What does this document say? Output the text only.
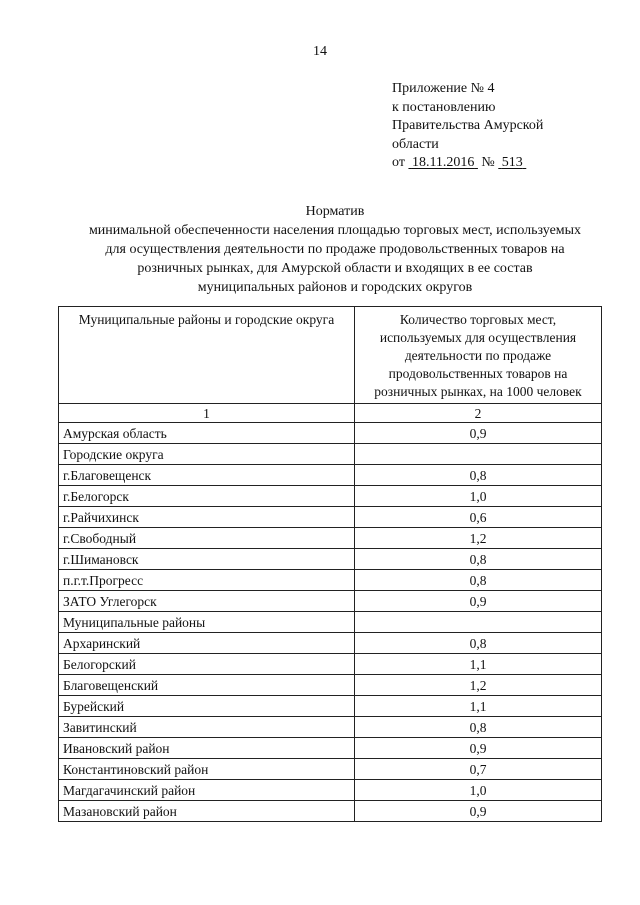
14
Приложение № 4
к постановлению
Правительства Амурской
области
от 18.11.2016 № 513
Норматив
минимальной обеспеченности населения площадью торговых мест, используемых
для осуществления деятельности по продаже продовольственных товаров на
розничных рынках, для Амурской области и входящих в ее состав
муниципальных районов и городских округов
Муниципальные районы и городские округа	Количество торговых мест, используемых для осуществления деятельности по продаже продовольственных товаров на розничных рынках, на 1000 человек
1	2
Амурская область	0,9
Городские округа	
г.Благовещенск	0,8
г.Белогорск	1,0
г.Райчихинск	0,6
г.Свободный	1,2
г.Шимановск	0,8
п.г.т.Прогресс	0,8
ЗАТО Углегорск	0,9
Муниципальные районы	
Архаринский	0,8
Белогорский	1,1
Благовещенский	1,2
Бурейский	1,1
Завитинский	0,8
Ивановский район	0,9
Константиновский район	0,7
Магдагачинский район	1,0
Мазановский район	0,9
